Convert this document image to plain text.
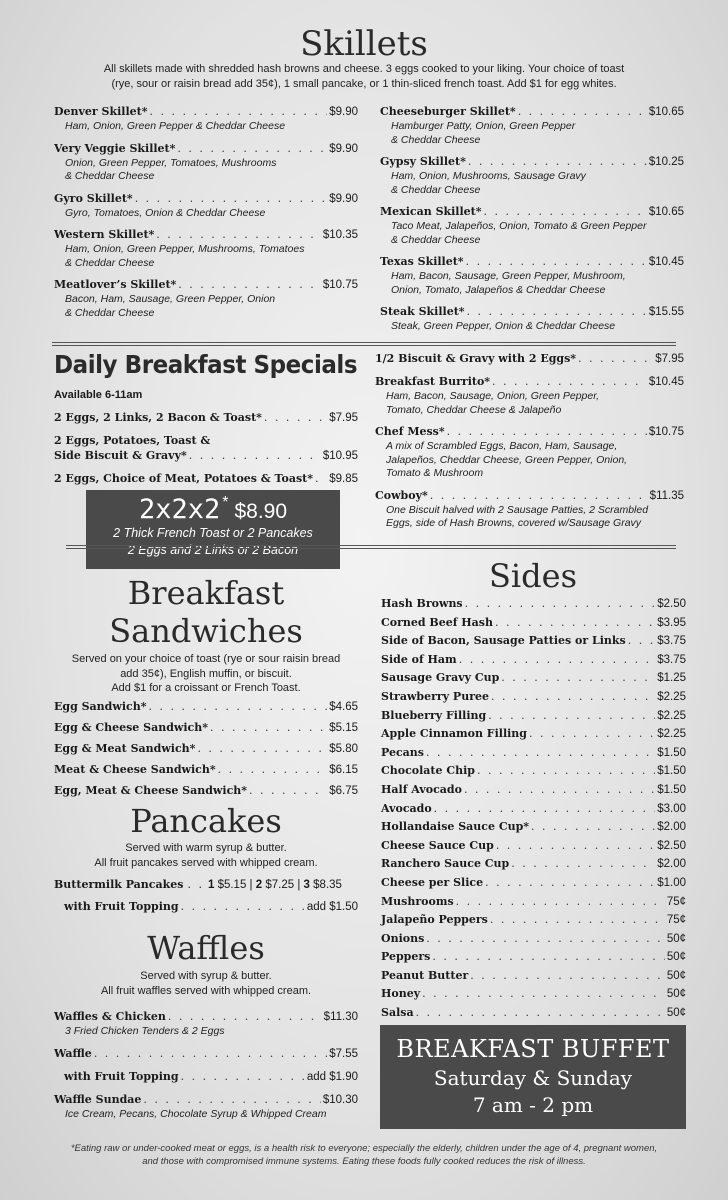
Skillets
All skillets made with shredded hash browns and cheese. 3 eggs cooked to your liking. Your choice of toast
(rye, sour or raisin bread add 35¢), 1 small pancake, or 1 thin-sliced french toast. Add $1 for egg whites.
Denver Skillet* . . .	$9.90
Ham, Onion, Green Pepper & Cheddar Cheese
Very Veggie Skillet* . . .	$9.90
Onion, Green Pepper, Tomatoes, Mushrooms
& Cheddar Cheese
Gyro Skillet* . . .	$9.90
Gyro, Tomatoes, Onion & Cheddar Cheese
Western Skillet* . . .	$10.35
Ham, Onion, Green Pepper, Mushrooms, Tomatoes
& Cheddar Cheese
Meatlover’s Skillet* . . .	$10.75
Bacon, Ham, Sausage, Green Pepper, Onion
& Cheddar Cheese
Cheeseburger Skillet* . . .	$10.65
Hamburger Patty, Onion, Green Pepper
& Cheddar Cheese
Gypsy Skillet* . . .	$10.25
Ham, Onion, Mushrooms, Sausage Gravy
& Cheddar Cheese
Mexican Skillet* . . .	$10.65
Taco Meat, Jalapeños, Onion, Tomato & Green Pepper
& Cheddar Cheese
Texas Skillet* . . .	$10.45
Ham, Bacon, Sausage, Green Pepper, Mushroom,
Onion, Tomato, Jalapeños & Cheddar Cheese
Steak Skillet* . . .	$15.55
Steak, Green Pepper, Onion & Cheddar Cheese
Daily Breakfast Specials
Available 6-11am
2 Eggs, 2 Links, 2 Bacon & Toast* . . .	$7.95
2 Eggs, Potatoes, Toast &
Side Biscuit & Gravy* . . .	$10.95
2 Eggs, Choice of Meat, Potatoes & Toast* . . . $9.85
1/2 Biscuit & Gravy with 2 Eggs* . . .	$7.95
Breakfast Burrito* . . .	$10.45
Ham, Bacon, Sausage, Onion, Green Pepper,
Tomato, Cheddar Cheese & Jalapeño
Chef Mess* . . .	$10.75
A mix of Scrambled Eggs, Bacon, Ham, Sausage,
Jalapeños, Cheddar Cheese, Green Pepper, Onion,
Tomato & Mushroom
Cowboy* . . .	$11.35
One Biscuit halved with 2 Sausage Patties, 2 Scrambled
Eggs, side of Hash Browns, covered w/Sausage Gravy
2x2x2 * $8.90
2 Thick French Toast or 2 Pancakes
2 Eggs and 2 Links or 2 Bacon
Breakfast
Sandwiches
Served on your choice of toast (rye or sour raisin bread
add 35¢), English muffin, or biscuit.
Add $1 for a croissant or French Toast.
Egg Sandwich* . . .	$4.65
Egg & Cheese Sandwich* . . .	$5.15
Egg & Meat Sandwich* . . .	$5.80
Meat & Cheese Sandwich* . . .	$6.15
Egg, Meat & Cheese Sandwich* . . .	$6.75
Pancakes
Served with warm syrup & butter.
All fruit pancakes served with whipped cream.
Buttermilk Pancakes . . 1 $5.15 | 2 $7.25 | 3 $8.35
with Fruit Topping . . .	add $1.50
Waffles
Served with syrup & butter.
All fruit waffles served with whipped cream.
Waffles & Chicken . . .	$11.30
3 Fried Chicken Tenders & 2 Eggs
Waffle . . .	$7.55
with Fruit Topping . . .	add $1.90
Waffle Sundae . . .	$10.30
Ice Cream, Pecans, Chocolate Syrup & Whipped Cream
Sides
Hash Browns . . .	$2.50
Corned Beef Hash . . .	$3.95
Side of Bacon, Sausage Patties or Links . . .	$3.75
Side of Ham . . .	$3.75
Sausage Gravy Cup . . .	$1.25
Strawberry Puree . . .	$2.25
Blueberry Filling . . .	$2.25
Apple Cinnamon Filling . . .	$2.25
Pecans . . .	$1.50
Chocolate Chip . . .	$1.50
Half Avocado . . .	$1.50
Avocado . . .	$3.00
Hollandaise Sauce Cup* . . .	$2.00
Cheese Sauce Cup . . .	$2.50
Ranchero Sauce Cup . . .	$2.00
Cheese per Slice . . .	$1.00
Mushrooms . . .	75¢
Jalapeño Peppers . . .	75¢
Onions . . .	50¢
Peppers . . .	50¢
Peanut Butter . . .	50¢
Honey . . .	50¢
Salsa . . .	50¢
. . .
BREAKFAST BUFFET
Saturday & Sunday
7 am - 2 pm
*Eating raw or under-cooked meat or eggs, is a health risk to everyone; especially the elderly, children under the age of 4, pregnant women,
and those with compromised immune systems. Eating these foods fully cooked reduces the risk of illness.
